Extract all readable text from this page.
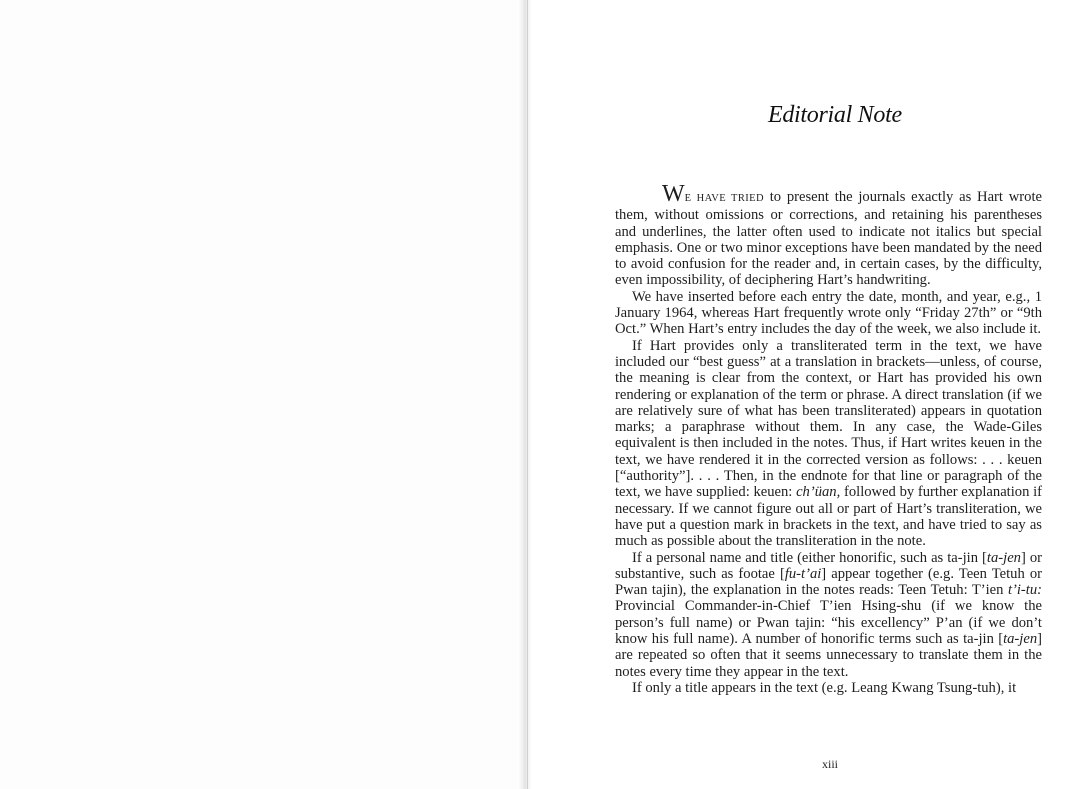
Editorial Note

WE HAVE TRIED to present the journals exactly as Hart wrote them, without omissions or corrections, and retaining his parentheses and underlines, the latter often used to indicate not italics but special emphasis. One or two minor exceptions have been mandated by the need to avoid confusion for the reader and, in certain cases, by the difficulty, even impossibility, of deciphering Hart’s handwriting.

We have inserted before each entry the date, month, and year, e.g., 1 January 1964, whereas Hart frequently wrote only “Friday 27th” or “9th Oct.” When Hart’s entry includes the day of the week, we also include it.

If Hart provides only a transliterated term in the text, we have included our “best guess” at a translation in brackets—unless, of course, the meaning is clear from the context, or Hart has provided his own rendering or explanation of the term or phrase. A direct translation (if we are relatively sure of what has been transliterated) appears in quotation marks; a paraphrase without them. In any case, the Wade-Giles equivalent is then included in the notes. Thus, if Hart writes keuen in the text, we have rendered it in the corrected version as follows: . . . keuen [“authority”]. . . . Then, in the endnote for that line or paragraph of the text, we have supplied: keuen: ch’üan, followed by further explanation if necessary. If we cannot figure out all or part of Hart’s transliteration, we have put a question mark in brackets in the text, and have tried to say as much as possible about the transliteration in the note.

If a personal name and title (either honorific, such as ta-jin [ta-jen] or substantive, such as footae [fu-t’ai] appear together (e.g. Teen Tetuh or Pwan tajin), the explanation in the notes reads: Teen Tetuh: T’ien t’i-tu: Provincial Commander-in-Chief T’ien Hsing-shu (if we know the person’s full name) or Pwan tajin: “his excellency” P’an (if we don’t know his full name). A number of honorific terms such as ta-jin [ta-jen] are repeated so often that it seems unnecessary to translate them in the notes every time they appear in the text.

If only a title appears in the text (e.g. Leang Kwang Tsung-tuh), it

xiii
